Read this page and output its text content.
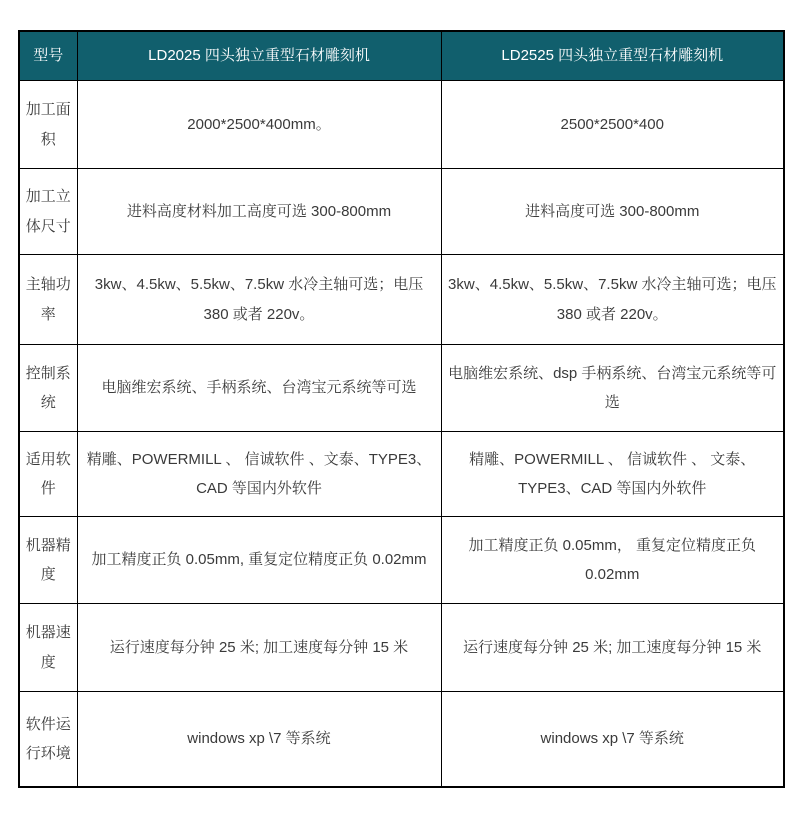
型号	LD2025 四头独立重型石材雕刻机	LD2525 四头独立重型石材雕刻机
加工面积	2000*2500*400mm。	2500*2500*400
加工立体尺寸	进料高度材料加工高度可选 300-800mm	进料高度可选 300-800mm
主轴功率	3kw、4.5kw、5.5kw、7.5kw 水冷主轴可选；电压 380 或者 220v。	3kw、4.5kw、5.5kw、7.5kw 水冷主轴可选；电压 380 或者 220v。
控制系统	电脑维宏系统、手柄系统、台湾宝元系统等可选	电脑维宏系统、dsp 手柄系统、台湾宝元系统等可选
适用软件	精雕、POWERMILL 、 信诚软件 、文泰、TYPE3、CAD 等国内外软件	精雕、POWERMILL 、 信诚软件 、 文泰、TYPE3、CAD 等国内外软件
机器精度	加工精度正负 0.05mm, 重复定位精度正负 0.02mm	加工精度正负 0.05mm， 重复定位精度正负 0.02mm
机器速度	运行速度每分钟 25 米; 加工速度每分钟 15 米	运行速度每分钟 25 米; 加工速度每分钟 15 米
软件运行环境	windows xp \7 等系统	windows xp \7 等系统
